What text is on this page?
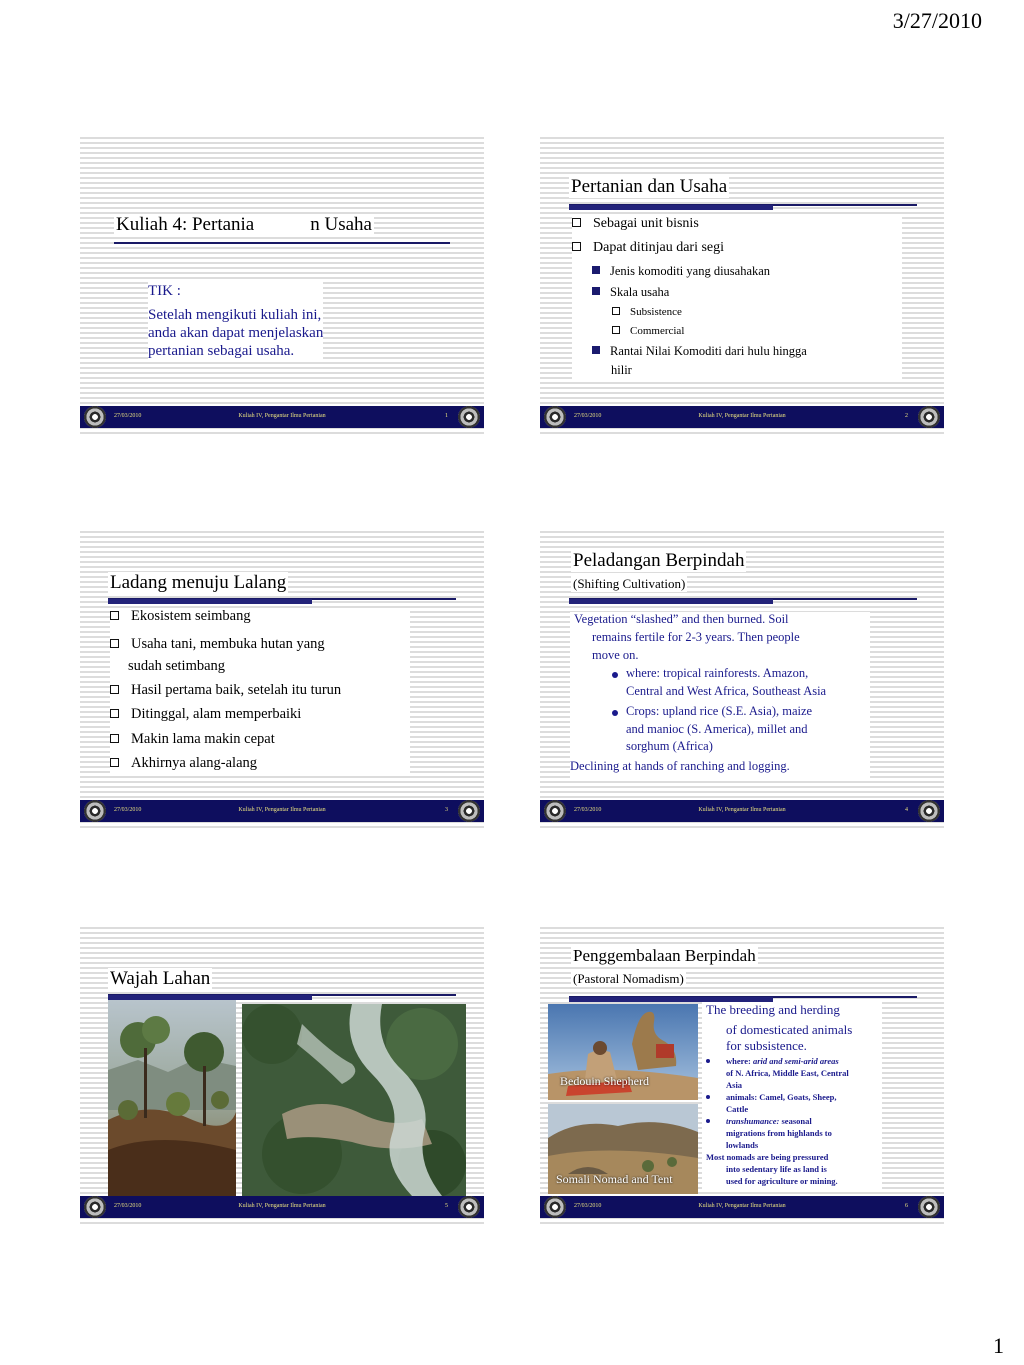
3/27/2010
Kuliah 4: Pertania	n Usaha
TIK :
Setelah mengikuti kuliah ini,
anda akan dapat menjelaskan
pertanian sebagai usaha.
27/03/2010	Kuliah IV, Pengantar Ilmu Pertanian	1
Pertanian dan Usaha
Sebagai unit bisnis
Dapat ditinjau dari segi
Jenis komoditi yang diusahakan
Skala usaha
Subsistence
Commercial
Rantai Nilai Komoditi dari hulu hingga
hilir
27/03/2010	Kuliah IV, Pengantar Ilmu Pertanian	2
Ladang menuju Lalang
Ekosistem seimbang
Usaha tani, membuka hutan yang
sudah setimbang
Hasil pertama baik, setelah itu turun
Ditinggal, alam memperbaiki
Makin lama makin cepat
Akhirnya alang-alang
27/03/2010	Kuliah IV, Pengantar Ilmu Pertanian	3
Peladangan Berpindah
(Shifting Cultivation)
Vegetation “slashed” and then burned. Soil
remains fertile for 2-3 years. Then people
move on.
where: tropical rainforests. Amazon,
Central and West Africa, Southeast Asia
Crops: upland rice (S.E. Asia), maize
and manioc (S. America), millet and
sorghum (Africa)
Declining at hands of ranching and logging.
27/03/2010	Kuliah IV, Pengantar Ilmu Pertanian	4
Wajah Lahan
27/03/2010	Kuliah IV, Pengantar Ilmu Pertanian	5
Penggembalaan Berpindah
(Pastoral Nomadism)
Bedouin Shepherd
Somali Nomad and Tent
The breeding and herding
of domesticated animals
for subsistence.
where: arid and semi-arid areas
of N. Africa, Middle East, Central
Asia
animals: Camel, Goats, Sheep,
Cattle
transhumance: seasonal
migrations from highlands to
lowlands
Most nomads are being pressured
into sedentary life as land is
used for agriculture or mining.
27/03/2010	Kuliah IV, Pengantar Ilmu Pertanian	6
1
